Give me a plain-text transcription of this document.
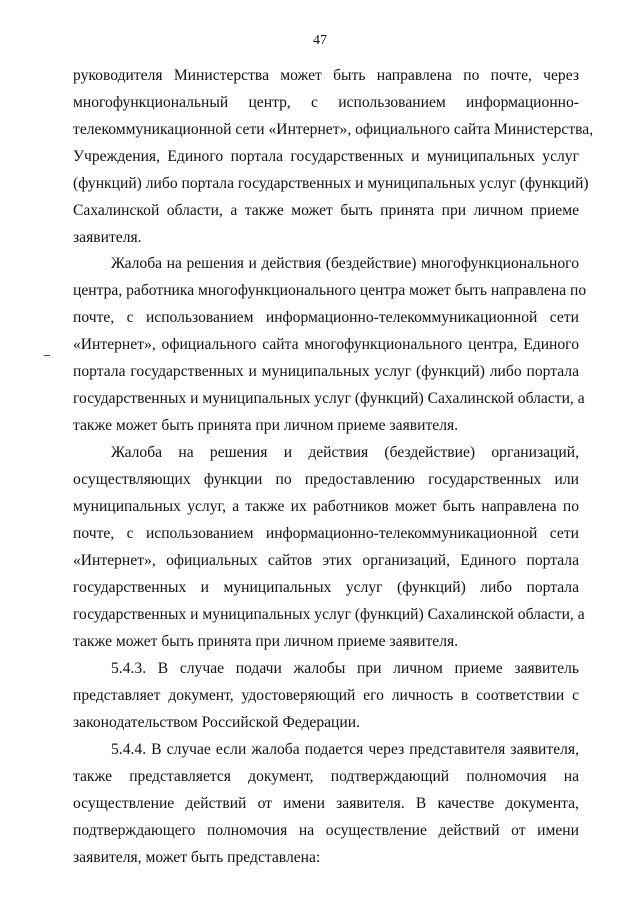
47
руководителя Министерства может быть направлена по почте, через
многофункциональный центр, с использованием информационно-
телекоммуникационной сети «Интернет», официального сайта Министерства,
Учреждения, Единого портала государственных и муниципальных услуг
(функций) либо портала государственных и муниципальных услуг (функций)
Сахалинской области, а также может быть принята при личном приеме
заявителя.
Жалоба на решения и действия (бездействие) многофункционального
центра, работника многофункционального центра может быть направлена по
почте, с использованием информационно-телекоммуникационной сети
«Интернет», официального сайта многофункционального центра, Единого
портала государственных и муниципальных услуг (функций) либо портала
государственных и муниципальных услуг (функций) Сахалинской области, а
также может быть принята при личном приеме заявителя.
Жалоба на решения и действия (бездействие) организаций,
осуществляющих функции по предоставлению государственных или
муниципальных услуг, а также их работников может быть направлена по
почте, с использованием информационно-телекоммуникационной сети
«Интернет», официальных сайтов этих организаций, Единого портала
государственных и муниципальных услуг (функций) либо портала
государственных и муниципальных услуг (функций) Сахалинской области, а
также может быть принята при личном приеме заявителя.
5.4.3. В случае подачи жалобы при личном приеме заявитель
представляет документ, удостоверяющий его личность в соответствии с
законодательством Российской Федерации.
5.4.4. В случае если жалоба подается через представителя заявителя,
также представляется документ, подтверждающий полномочия на
осуществление действий от имени заявителя. В качестве документа,
подтверждающего полномочия на осуществление действий от имени
заявителя, может быть представлена:
